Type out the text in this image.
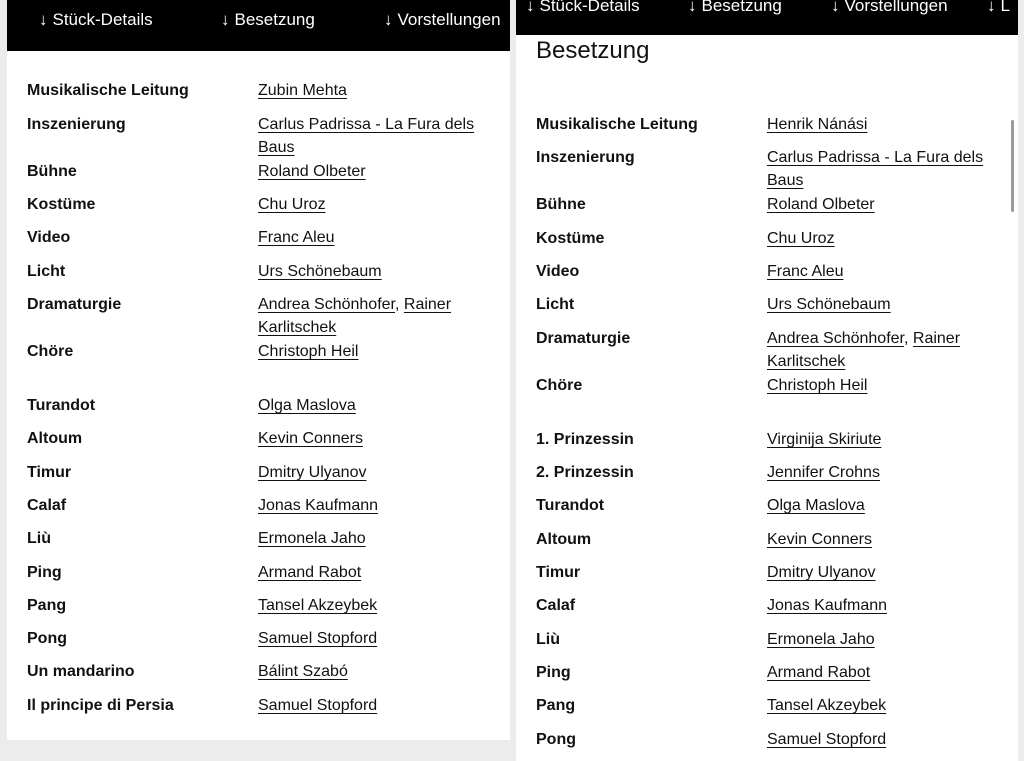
↓ Stück-Details	↓ Besetzung	↓ Vorstellungen
Musikalische Leitung	Zubin Mehta
Inszenierung	Carlus Padrissa - La Fura dels Baus
Bühne	Roland Olbeter
Kostüme	Chu Uroz
Video	Franc Aleu
Licht	Urs Schönebaum
Dramaturgie	Andrea Schönhofer, Rainer Karlitschek
Chöre	Christoph Heil
Turandot	Olga Maslova
Altoum	Kevin Conners
Timur	Dmitry Ulyanov
Calaf	Jonas Kaufmann
Liù	Ermonela Jaho
Ping	Armand Rabot
Pang	Tansel Akzeybek
Pong	Samuel Stopford
Un mandarino	Bálint Szabó
Il principe di Persia	Samuel Stopford
↓ Stück-Details	↓ Besetzung	↓ Vorstellungen ↓ L
Besetzung
Musikalische Leitung	Henrik Nánási
Inszenierung	Carlus Padrissa - La Fura dels Baus
Bühne	Roland Olbeter
Kostüme	Chu Uroz
Video	Franc Aleu
Licht	Urs Schönebaum
Dramaturgie	Andrea Schönhofer, Rainer Karlitschek
Chöre	Christoph Heil
1. Prinzessin	Virginija Skiriute
2. Prinzessin	Jennifer Crohns
Turandot	Olga Maslova
Altoum	Kevin Conners
Timur	Dmitry Ulyanov
Calaf	Jonas Kaufmann
Liù	Ermonela Jaho
Ping	Armand Rabot
Pang	Tansel Akzeybek
Pong	Samuel Stopford
